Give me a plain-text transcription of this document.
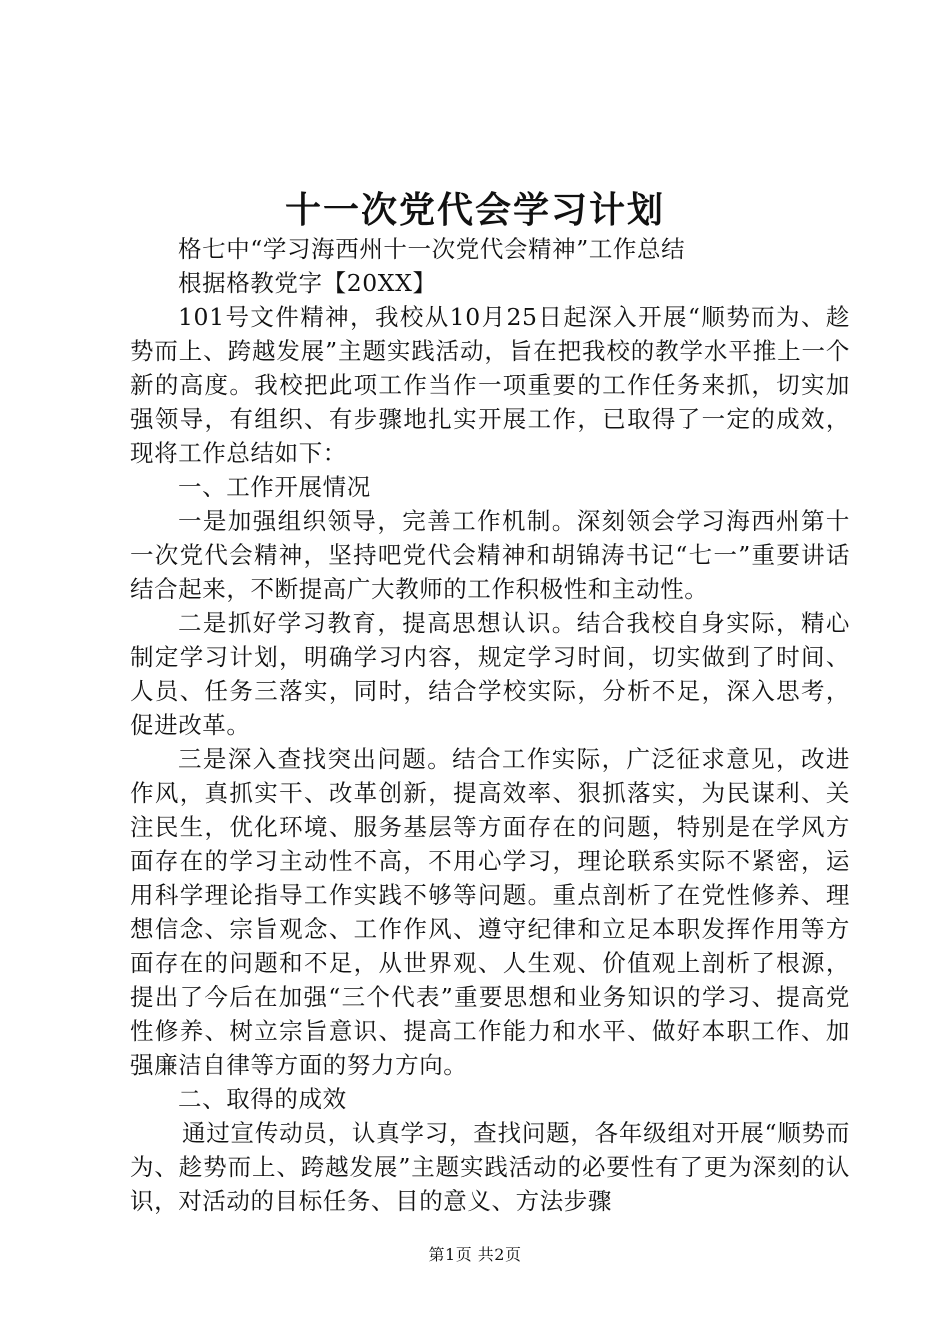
十一次党代会学习计划

格七中“学习海西州十一次党代会精神”工作总结

根据格教党字【20XX】

101号文件精神，我校从10月25日起深入开展“顺势而为、趁势而上、跨越发展”主题实践活动，旨在把我校的教学水平推上一个新的高度。我校把此项工作当作一项重要的工作任务来抓，切实加强领导，有组织、有步骤地扎实开展工作，已取得了一定的成效，现将工作总结如下：

一、工作开展情况

一是加强组织领导，完善工作机制。深刻领会学习海西州第十一次党代会精神，坚持吧党代会精神和胡锦涛书记“七一”重要讲话结合起来，不断提高广大教师的工作积极性和主动性。

二是抓好学习教育，提高思想认识。结合我校自身实际，精心制定学习计划，明确学习内容，规定学习时间，切实做到了时间、人员、任务三落实，同时，结合学校实际，分析不足，深入思考，促进改革。

三是深入查找突出问题。结合工作实际，广泛征求意见，改进作风，真抓实干、改革创新，提高效率、狠抓落实，为民谋利、关注民生，优化环境、服务基层等方面存在的问题，特别是在学风方面存在的学习主动性不高，不用心学习，理论联系实际不紧密，运用科学理论指导工作实践不够等问题。重点剖析了在党性修养、理想信念、宗旨观念、工作作风、遵守纪律和立足本职发挥作用等方面存在的问题和不足，从世界观、人生观、价值观上剖析了根源，提出了今后在加强“三个代表”重要思想和业务知识的学习、提高党性修养、树立宗旨意识、提高工作能力和水平、做好本职工作、加强廉洁自律等方面的努力方向。

二、取得的成效

通过宣传动员，认真学习，查找问题，各年级组对开展“顺势而为、趁势而上、跨越发展”主题实践活动的必要性有了更为深刻的认识，对活动的目标任务、目的意义、方法步骤

第1页 共2页
